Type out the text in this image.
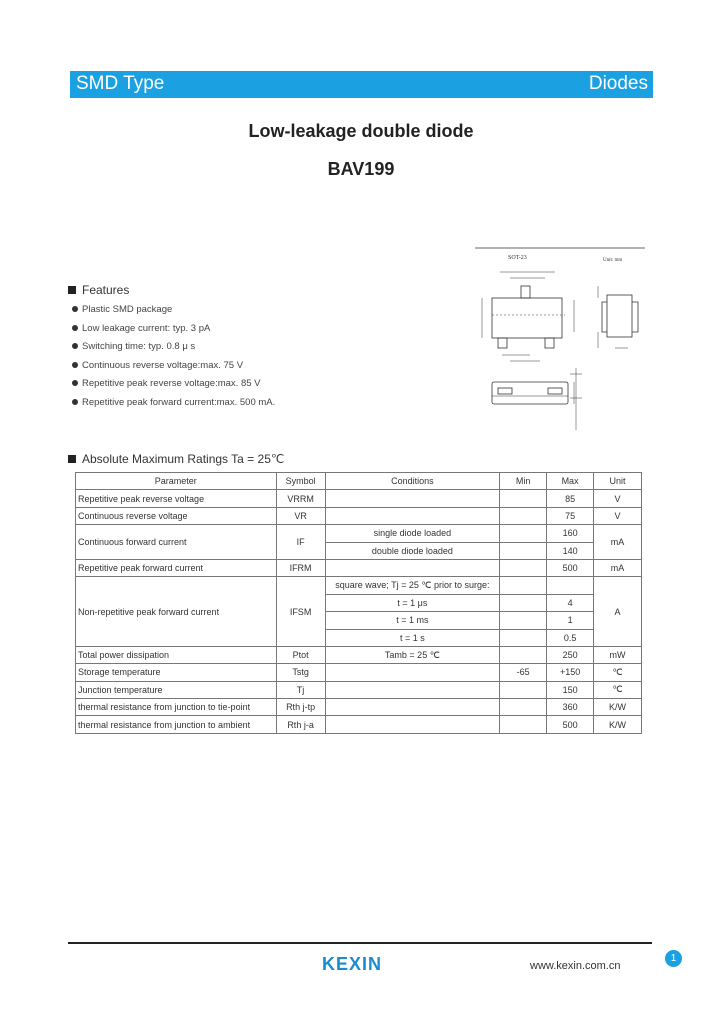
SMD Type	Diodes
Low-leakage double diode
BAV199
SOT-23	Unit: mm
Features
Plastic SMD package
Low leakage current: typ. 3 pA
Switching time: typ. 0.8 μ s
Continuous reverse voltage:max. 75 V
Repetitive peak reverse voltage:max. 85 V
Repetitive peak forward current:max. 500 mA.
Absolute Maximum Ratings Ta = 25℃
Parameter	Symbol	Conditions	Min	Max	Unit
Repetitive peak reverse voltage	VRRM			85	V
Continuous reverse voltage	VR			75	V
Continuous forward current	IF	single diode loaded		160	mA
		double diode loaded		140	
Repetitive peak forward current	IFRM			500	mA
Non-repetitive peak forward current	IFSM	square wave; Tj = 25 ℃ prior to surge:			A
		t = 1 μs		4	
		t = 1 ms		1	
		t = 1 s		0.5	
Total power dissipation	Ptot	Tamb = 25 ℃		250	mW
Storage temperature	Tstg		-65	+150	℃
Junction temperature	Tj			150	℃
thermal resistance from junction to tie-point	Rth j-tp			360	K/W
thermal resistance from junction to ambient	Rth j-a			500	K/W
KEXIN	www.kexin.com.cn
1
